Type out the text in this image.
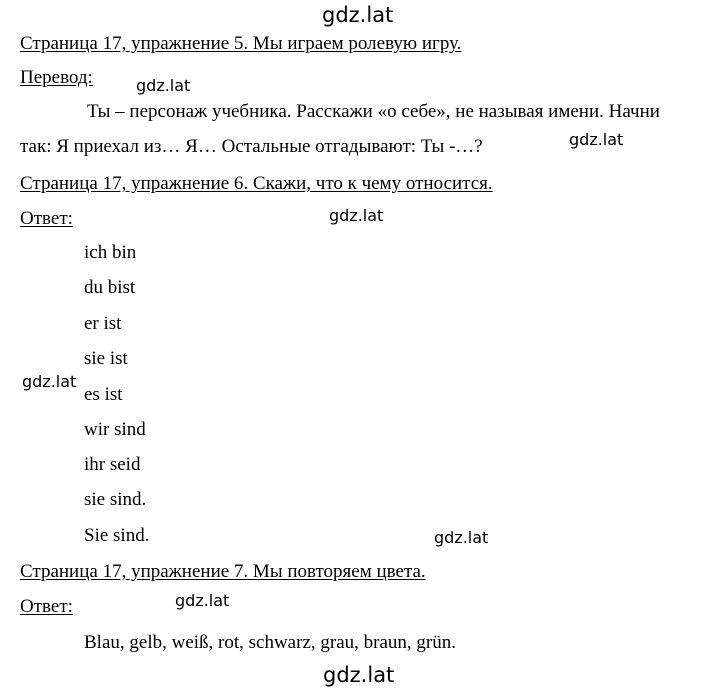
gdz.lat
gdz.lat
gdz.lat
gdz.lat
gdz.lat
gdz.lat
gdz.lat
gdz.lat
Страница 17, упражнение 5. Мы играем ролевую игру.
Перевод:
Ты – персонаж учебника. Расскажи «о себе», не называя имени. Начни
так: Я приехал из… Я… Остальные отгадывают: Ты -…?
Страница 17, упражнение 6. Скажи, что к чему относится.
Ответ:
ich bin
du bist
er ist
sie ist
es ist
wir sind
ihr seid
sie sind.
Sie sind.
Страница 17, упражнение 7. Мы повторяем цвета.
Ответ:
Blau, gelb, weiß, rot, schwarz, grau, braun, grün.
